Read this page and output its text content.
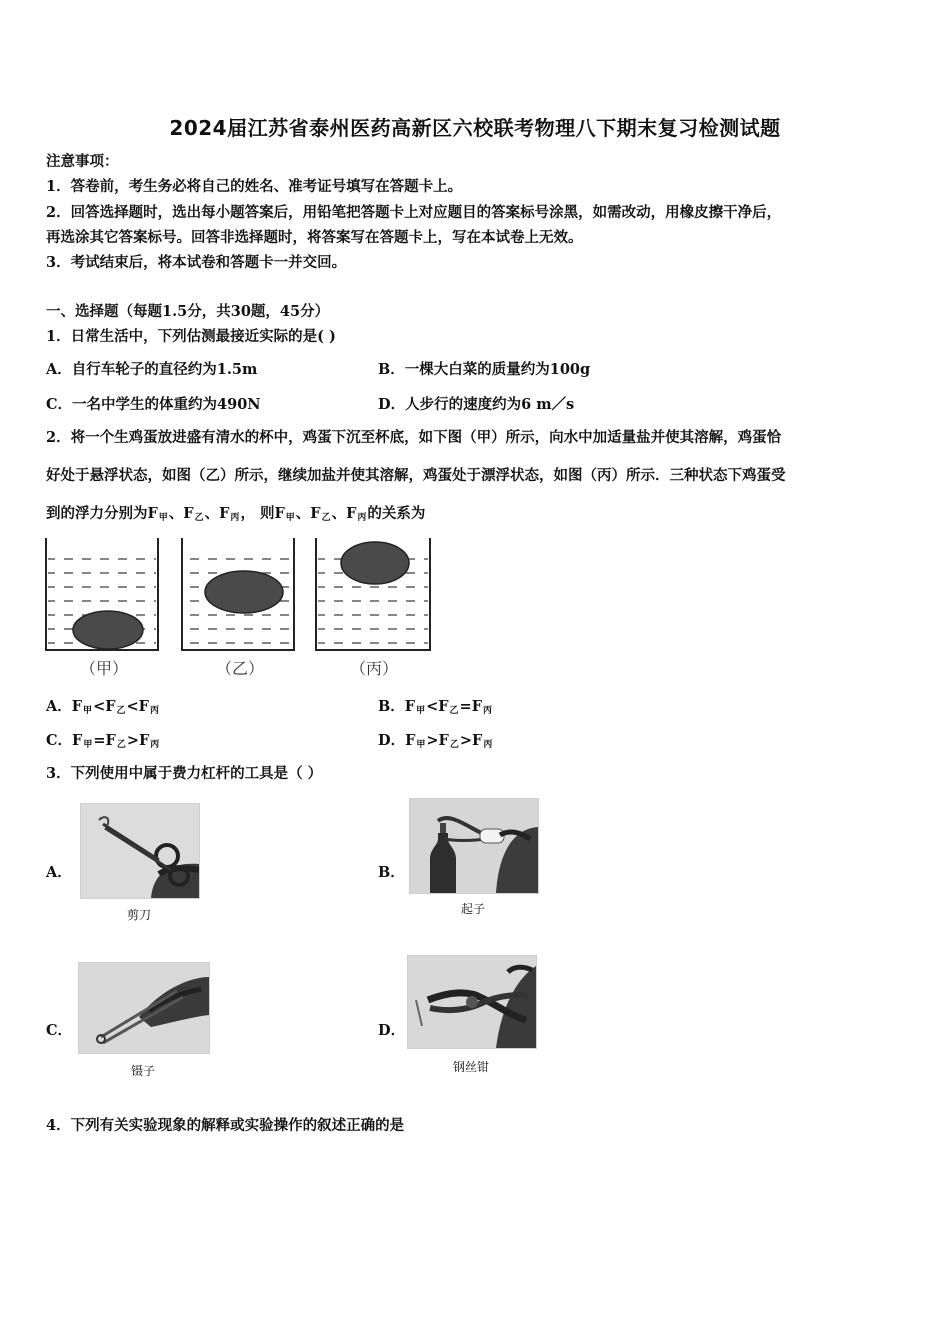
2024届江苏省泰州医药高新区六校联考物理八下期末复习检测试题
注意事项：
1．答卷前，考生务必将自己的姓名、准考证号填写在答题卡上。
2．回答选择题时，选出每小题答案后，用铅笔把答题卡上对应题目的答案标号涂黑，如需改动，用橡皮擦干净后，
再选涂其它答案标号。回答非选择题时，将答案写在答题卡上，写在本试卷上无效。
3．考试结束后，将本试卷和答题卡一并交回。
一、选择题（每题1.5分，共30题，45分）
1．日常生活中，下列估测最接近实际的是( )
A．自行车轮子的直径约为1.5m	B．一棵大白菜的质量约为100g
C．一名中学生的体重约为490N	D．人步行的速度约为6 m／s
2．将一个生鸡蛋放进盛有清水的杯中，鸡蛋下沉至杯底，如下图（甲）所示，向水中加适量盐并使其溶解，鸡蛋恰
好处于悬浮状态，如图（乙）所示，继续加盐并使其溶解，鸡蛋处于漂浮状态，如图（丙）所示．三种状态下鸡蛋受
到的浮力分别为$F_甲$、$F_乙$、$F_丙$， 则$F_甲$、$F_乙$、$F_丙$的关系为
（甲）	（乙）	（丙）
A．$F_甲<F_乙<F_丙$	B．$F_甲<F_乙=F_丙$
C．$F_甲=F_乙>F_丙$	D．$F_甲>F_乙>F_丙$
3．下列使用中属于费力杠杆的工具是（ ）
A．
剪刀
B．
起子
C．
镊子
D．
钢丝钳
4．下列有关实验现象的解释或实验操作的叙述正确的是
